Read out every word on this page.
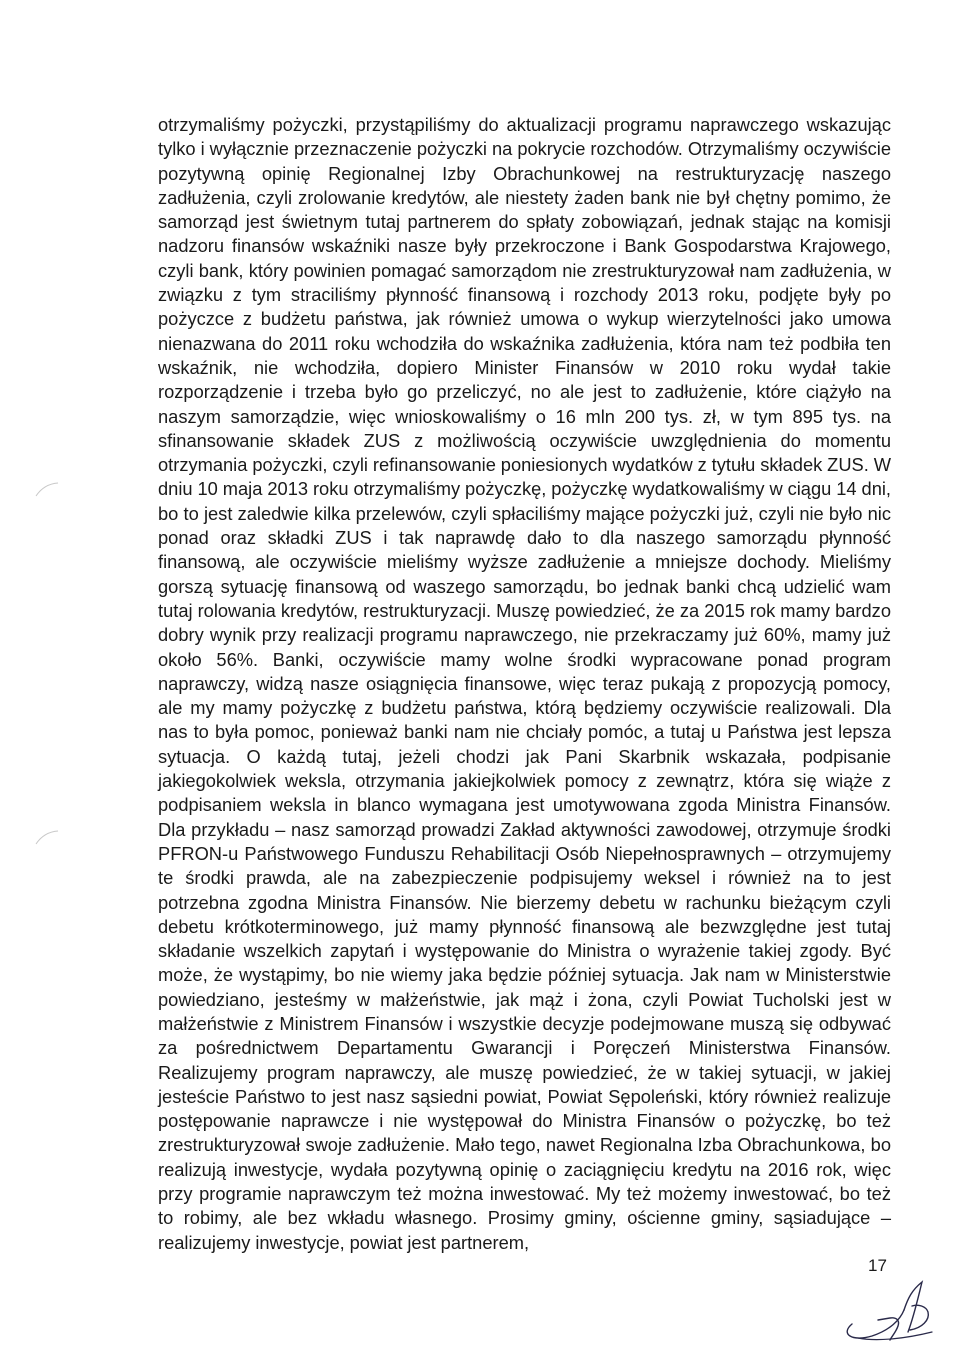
otrzymaliśmy pożyczki, przystąpiliśmy do aktualizacji programu naprawczego wskazując tylko i wyłącznie przeznaczenie pożyczki na pokrycie rozchodów. Otrzymaliśmy oczywiście pozytywną opinię Regionalnej Izby Obrachunkowej na restrukturyzację naszego zadłużenia, czyli zrolowanie kredytów, ale niestety żaden bank nie był chętny pomimo, że samorząd jest świetnym tutaj partnerem do spłaty zobowiązań, jednak stając na komisji nadzoru finansów wskaźniki nasze były przekroczone i Bank Gospodarstwa Krajowego, czyli bank, który powinien pomagać samorządom nie zrestrukturyzował nam zadłużenia, w związku z tym straciliśmy płynność finansową i rozchody 2013 roku, podjęte były po pożyczce z budżetu państwa, jak również umowa o wykup wierzytelności jako umowa nienazwana do 2011 roku wchodziła do wskaźnika zadłużenia, która nam też podbiła ten wskaźnik, nie wchodziła, dopiero Minister Finansów w 2010 roku wydał takie rozporządzenie i trzeba było go przeliczyć, no ale jest to zadłużenie, które ciążyło na naszym samorządzie, więc wnioskowaliśmy o 16 mln 200 tys. zł, w tym 895 tys. na sfinansowanie składek ZUS z możliwością oczywiście uwzględnienia do momentu otrzymania pożyczki, czyli refinansowanie poniesionych wydatków z tytułu składek ZUS. W dniu 10 maja 2013 roku otrzymaliśmy pożyczkę, pożyczkę wydatkowaliśmy w ciągu 14 dni, bo to jest zaledwie kilka przelewów, czyli spłaciliśmy mające pożyczki już, czyli nie było nic ponad oraz składki ZUS i tak naprawdę dało to dla naszego samorządu płynność finansową, ale oczywiście mieliśmy wyższe zadłużenie a mniejsze dochody. Mieliśmy gorszą sytuację finansową od waszego samorządu, bo jednak banki chcą udzielić wam tutaj rolowania kredytów, restrukturyzacji. Muszę powiedzieć, że za 2015 rok mamy bardzo dobry wynik przy realizacji programu naprawczego, nie przekraczamy już 60%, mamy już około 56%. Banki, oczywiście mamy wolne środki wypracowane ponad program naprawczy, widzą nasze osiągnięcia finansowe, więc teraz pukają z propozycją pomocy, ale my mamy pożyczkę z budżetu państwa, którą będziemy oczywiście realizowali. Dla nas to była pomoc, ponieważ banki nam nie chciały pomóc, a tutaj u Państwa jest lepsza sytuacja. O każdą tutaj, jeżeli chodzi jak Pani Skarbnik wskazała, podpisanie jakiegokolwiek weksla, otrzymania jakiejkolwiek pomocy z zewnątrz, która się wiąże z podpisaniem weksla in blanco wymagana jest umotywowana zgoda Ministra Finansów. Dla przykładu – nasz samorząd prowadzi Zakład aktywności zawodowej, otrzymuje środki PFRON-u Państwowego Funduszu Rehabilitacji Osób Niepełnosprawnych – otrzymujemy te środki prawda, ale na zabezpieczenie podpisujemy weksel i również na to jest potrzebna zgodna Ministra Finansów. Nie bierzemy debetu w rachunku bieżącym czyli debetu krótkoterminowego, już mamy płynność finansową ale bezwzględne jest tutaj składanie wszelkich zapytań i występowanie do Ministra o wyrażenie takiej zgody. Być może, że wystąpimy, bo nie wiemy jaka będzie później sytuacja. Jak nam w Ministerstwie powiedziano, jesteśmy w małżeństwie, jak mąż i żona, czyli Powiat Tucholski jest w małżeństwie z Ministrem Finansów i wszystkie decyzje podejmowane muszą się odbywać za pośrednictwem Departamentu Gwarancji i Poręczeń Ministerstwa Finansów. Realizujemy program naprawczy, ale muszę powiedzieć, że w takiej sytuacji, w jakiej jesteście Państwo to jest nasz sąsiedni powiat, Powiat Sępoleński, który również realizuje postępowanie naprawcze i nie występował do Ministra Finansów o pożyczkę, bo też zrestrukturyzował swoje zadłużenie. Mało tego, nawet Regionalna Izba Obrachunkowa, bo realizują inwestycje, wydała pozytywną opinię o zaciągnięciu kredytu na 2016 rok, więc przy programie naprawczym też można inwestować. My też możemy inwestować, bo też to robimy, ale bez wkładu własnego. Prosimy gminy, ościenne gminy, sąsiadujące – realizujemy inwestycje, powiat jest partnerem,

17
